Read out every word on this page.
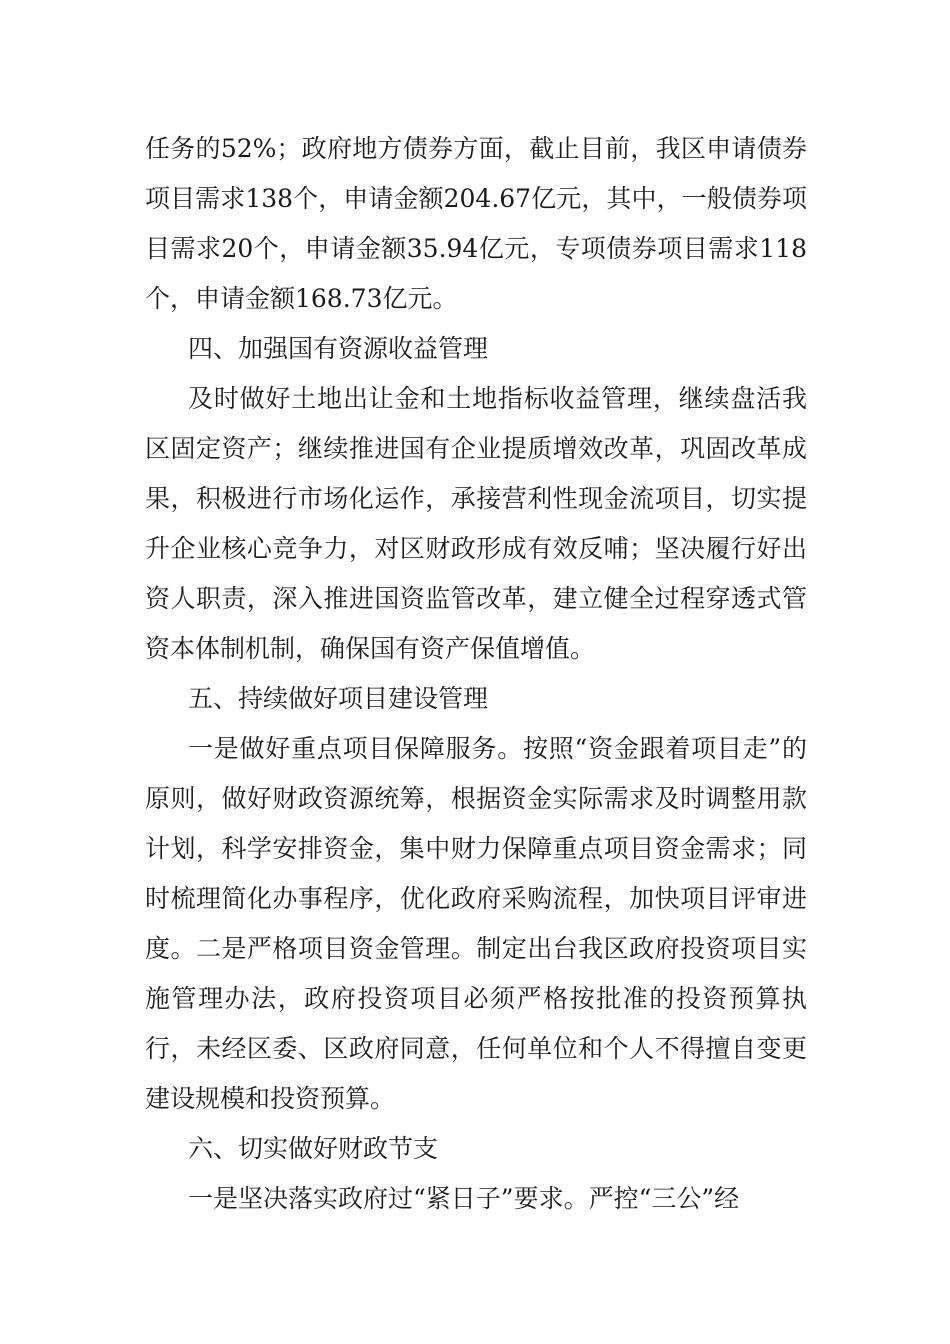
任务的52%；政府地方债券方面，截止目前，我区申请债券项目需求138个，申请金额204.67亿元，其中，一般债券项目需求20个，申请金额35.94亿元，专项债券项目需求118个，申请金额168.73亿元。

四、加强国有资源收益管理

及时做好土地出让金和土地指标收益管理，继续盘活我区固定资产；继续推进国有企业提质增效改革，巩固改革成果，积极进行市场化运作，承接营利性现金流项目，切实提升企业核心竞争力，对区财政形成有效反哺；坚决履行好出资人职责，深入推进国资监管改革，建立健全过程穿透式管资本体制机制，确保国有资产保值增值。

五、持续做好项目建设管理

一是做好重点项目保障服务。按照“资金跟着项目走”的原则，做好财政资源统筹，根据资金实际需求及时调整用款计划，科学安排资金，集中财力保障重点项目资金需求；同时梳理简化办事程序，优化政府采购流程，加快项目评审进度。二是严格项目资金管理。制定出台我区政府投资项目实施管理办法，政府投资项目必须严格按批准的投资预算执行，未经区委、区政府同意，任何单位和个人不得擅自变更建设规模和投资预算。

六、切实做好财政节支

一是坚决落实政府过“紧日子”要求。严控“三公”经
